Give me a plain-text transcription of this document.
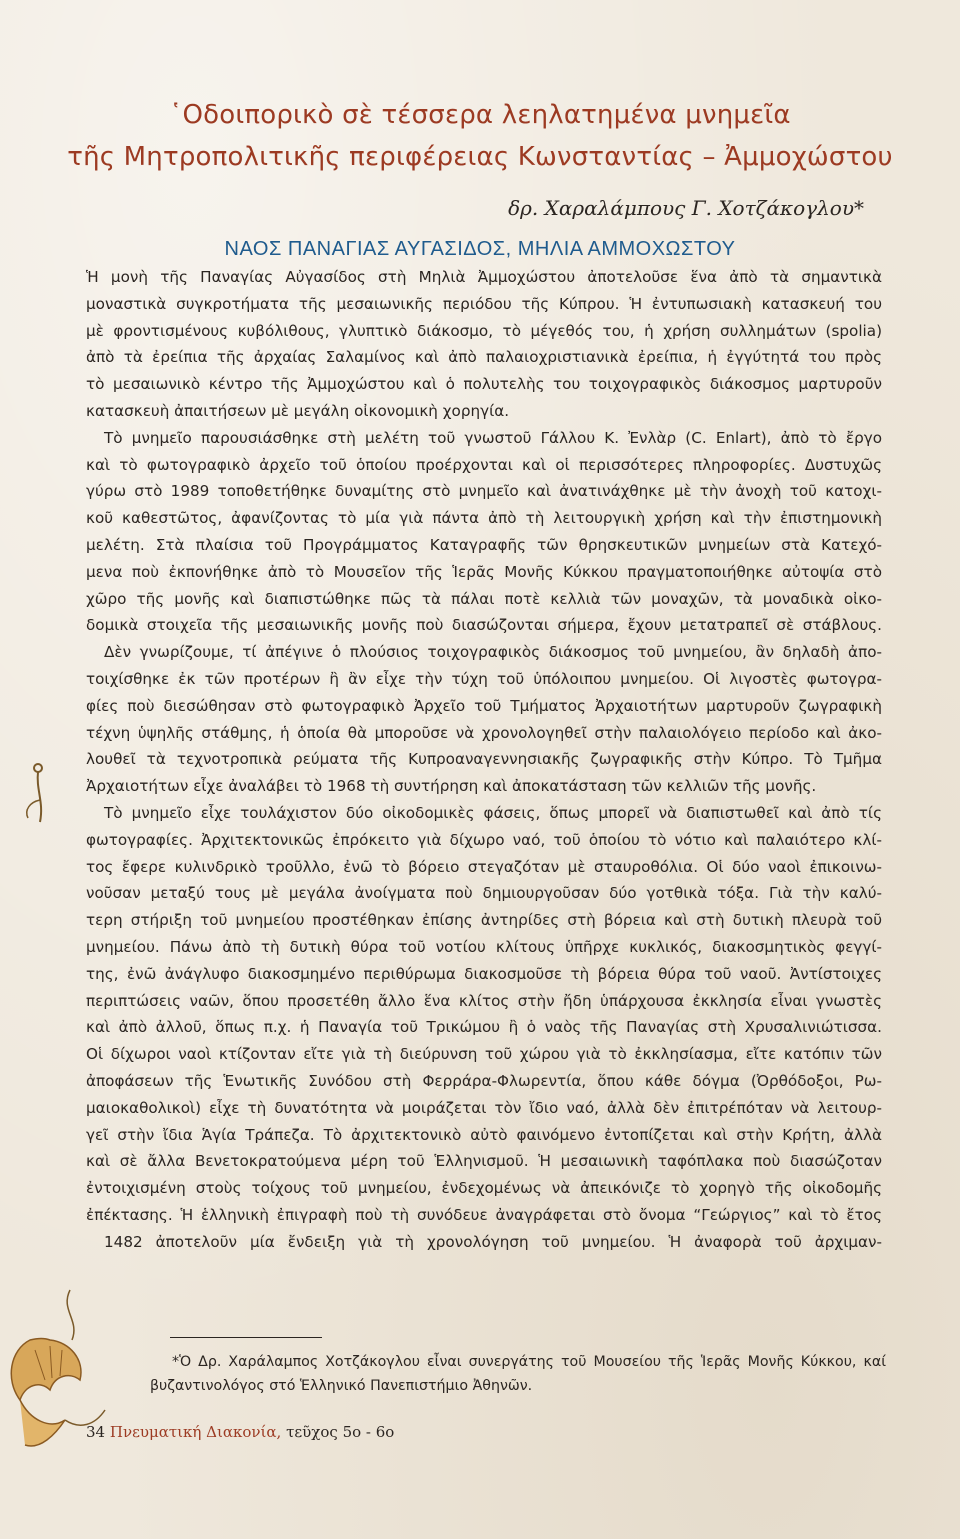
῾Οδοιπορικὸ σὲ τέσσερα λεηλατημένα μνημεῖα
τῆς Μητροπολιτικῆς περιφέρειας Κωνσταντίας – Ἀμμοχώστου
δρ. Χαραλάμπους Γ. Χοτζάκογλου*
ΝΑΟΣ ΠΑΝΑΓΙΑΣ ΑΥΓΑΣΙΔΟΣ, ΜΗΛΙΑ ΑΜΜΟΧΩΣΤΟΥ
Ἡ μονὴ τῆς Παναγίας Αὐγασίδος στὴ Μηλιὰ Ἀμμοχώστου ἀποτελοῦσε ἕνα ἀπὸ τὰ σημαντικὰ
μοναστικὰ συγκροτήματα τῆς μεσαιωνικῆς περιόδου τῆς Κύπρου. Ἡ ἐντυπωσιακὴ κατασκευή του
μὲ φροντισμένους κυβόλιθους, γλυπτικὸ διάκοσμο, τὸ μέγεθός του, ἡ χρήση συλλημάτων (spolia)
ἀπὸ τὰ ἐρείπια τῆς ἀρχαίας Σαλαμίνος καὶ ἀπὸ παλαιοχριστιανικὰ ἐρείπια, ἡ ἐγγύτητά του πρὸς
τὸ μεσαιωνικὸ κέντρο τῆς Ἀμμοχώστου καὶ ὁ πολυτελὴς του τοιχογραφικὸς διάκοσμος μαρτυροῦν
κατασκευὴ ἀπαιτήσεων μὲ μεγάλη οἰκονομικὴ χορηγία.
Τὸ μνημεῖο παρουσιάσθηκε στὴ μελέτη τοῦ γνωστοῦ Γάλλου Κ. Ἐνλὰρ (C. Enlart), ἀπὸ τὸ ἔργο
καὶ τὸ φωτογραφικὸ ἀρχεῖο τοῦ ὁποίου προέρχονται καὶ οἱ περισσότερες πληροφορίες. Δυστυχῶς
γύρω στὸ 1989 τοποθετήθηκε δυναμίτης στὸ μνημεῖο καὶ ἀνατινάχθηκε μὲ τὴν ἀνοχὴ τοῦ κατοχι-
κοῦ καθεστῶτος, ἀφανίζοντας τὸ μία γιὰ πάντα ἀπὸ τὴ λειτουργικὴ χρήση καὶ τὴν ἐπιστημονικὴ
μελέτη. Στὰ πλαίσια τοῦ Προγράμματος Καταγραφῆς τῶν θρησκευτικῶν μνημείων στὰ Κατεχό-
μενα ποὺ ἐκπονήθηκε ἀπὸ τὸ Μουσεῖον τῆς Ἱερᾶς Μονῆς Κύκκου πραγματοποιήθηκε αὐτοψία στὸ
χῶρο τῆς μονῆς καὶ διαπιστώθηκε πῶς τὰ πάλαι ποτὲ κελλιὰ τῶν μοναχῶν, τὰ μοναδικὰ οἰκο-
δομικὰ στοιχεῖα τῆς μεσαιωνικῆς μονῆς ποὺ διασώζονται σήμερα, ἔχουν μετατραπεῖ σὲ στάβλους.
Δὲν γνωρίζουμε, τί ἀπέγινε ὁ πλούσιος τοιχογραφικὸς διάκοσμος τοῦ μνημείου, ἂν δηλαδὴ ἀπο-
τοιχίσθηκε ἐκ τῶν προτέρων ἢ ἂν εἶχε τὴν τύχη τοῦ ὑπόλοιπου μνημείου. Οἱ λιγοστὲς φωτογρα-
φίες ποὺ διεσώθησαν στὸ φωτογραφικὸ Ἀρχεῖο τοῦ Τμήματος Ἀρχαιοτήτων μαρτυροῦν ζωγραφικὴ
τέχνη ὑψηλῆς στάθμης, ἡ ὁποία θὰ μποροῦσε νὰ χρονολογηθεῖ στὴν παλαιολόγειο περίοδο καὶ ἀκο-
λουθεῖ τὰ τεχνοτροπικὰ ρεύματα τῆς Κυπροαναγεννησιακῆς ζωγραφικῆς στὴν Κύπρο. Τὸ Τμῆμα
Ἀρχαιοτήτων εἶχε ἀναλάβει τὸ 1968 τὴ συντήρηση καὶ ἀποκατάσταση τῶν κελλιῶν τῆς μονῆς.
Τὸ μνημεῖο εἶχε τουλάχιστον δύο οἰκοδομικὲς φάσεις, ὅπως μπορεῖ νὰ διαπιστωθεῖ καὶ ἀπὸ τίς
φωτογραφίες. Ἀρχιτεκτονικῶς ἐπρόκειτο γιὰ δίχωρο ναό, τοῦ ὁποίου τὸ νότιο καὶ παλαιότερο κλί-
τος ἔφερε κυλινδρικὸ τροῦλλο, ἐνῶ τὸ βόρειο στεγαζόταν μὲ σταυροθόλια. Οἱ δύο ναοὶ ἐπικοινω-
νοῦσαν μεταξύ τους μὲ μεγάλα ἀνοίγματα ποὺ δημιουργοῦσαν δύο γοτθικὰ τόξα. Γιὰ τὴν καλύ-
τερη στήριξη τοῦ μνημείου προστέθηκαν ἐπίσης ἀντηρίδες στὴ βόρεια καὶ στὴ δυτικὴ πλευρὰ τοῦ
μνημείου. Πάνω ἀπὸ τὴ δυτικὴ θύρα τοῦ νοτίου κλίτους ὑπῆρχε κυκλικός, διακοσμητικὸς φεγγί-
της, ἐνῶ ἀνάγλυφο διακοσμημένο περιθύρωμα διακοσμοῦσε τὴ βόρεια θύρα τοῦ ναοῦ. Ἀντίστοιχες
περιπτώσεις ναῶν, ὅπου προσετέθη ἄλλο ἕνα κλίτος στὴν ἤδη ὑπάρχουσα ἐκκλησία εἶναι γνωστὲς
καὶ ἀπὸ ἀλλοῦ, ὅπως π.χ. ἡ Παναγία τοῦ Τρικώμου ἢ ὁ ναὸς τῆς Παναγίας στὴ Χρυσαλινιώτισσα.
Οἱ δίχωροι ναοὶ κτίζονταν εἴτε γιὰ τὴ διεύρυνση τοῦ χώρου γιὰ τὸ ἐκκλησίασμα, εἴτε κατόπιν τῶν
ἀποφάσεων τῆς Ἑνωτικῆς Συνόδου στὴ Φερράρα-Φλωρεντία, ὅπου κάθε δόγμα (Ὀρθόδοξοι, Ρω-
μαιοκαθολικοὶ) εἶχε τὴ δυνατότητα νὰ μοιράζεται τὸν ἴδιο ναό, ἀλλὰ δὲν ἐπιτρέπόταν νὰ λειτουρ-
γεῖ στὴν ἴδια Ἁγία Τράπεζα. Τὸ ἀρχιτεκτονικὸ αὐτὸ φαινόμενο ἐντοπίζεται καὶ στὴν Κρήτη, ἀλλὰ
καὶ σὲ ἄλλα Βενετοκρατούμενα μέρη τοῦ Ἑλληνισμοῦ. Ἡ μεσαιωνικὴ ταφόπλακα ποὺ διασώζοταν
ἐντοιχισμένη στοὺς τοίχους τοῦ μνημείου, ἐνδεχομένως νὰ ἀπεικόνιζε τὸ χορηγὸ τῆς οἰκοδομῆς
ἐπέκτασης. Ἡ ἑλληνικὴ ἐπιγραφὴ ποὺ τὴ συνόδευε ἀναγράφεται στὸ ὄνομα “Γεώργιος” καὶ τὸ ἔτος
1482 ἀποτελοῦν μία ἔνδειξη γιὰ τὴ χρονολόγηση τοῦ μνημείου. Ἡ ἀναφορὰ τοῦ ἀρχιμαν-
*Ὁ Δρ. Χαράλαμπος Χοτζάκογλου εἶναι συνεργάτης τοῦ Μουσείου τῆς Ἱερᾶς Μονῆς Κύκκου, καί
βυζαντινολόγος στό Ἑλληνικό Πανεπιστήμιο Ἀθηνῶν.
34 Πνευματική Διακονία, τεῦχος 5ο - 6ο
